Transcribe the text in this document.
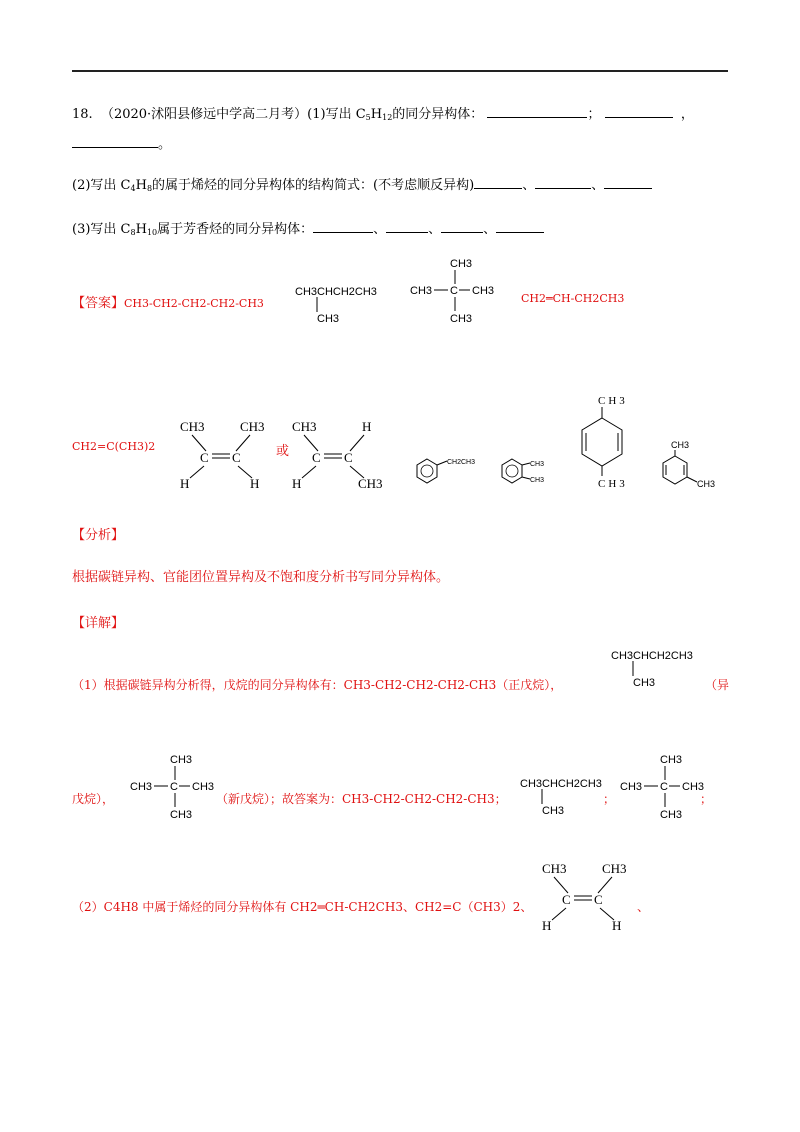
18. （2020·沭阳县修远中学高二月考）(1)写出 $C_5H_{12}$的同分异构体：	；	，
。
(2)写出 $C_4H_8$的属于烯烃的同分异构体的结构简式：(不考虑顺反异构)	、	、
(3)写出 $C_8H_{10}$属于芳香烃的同分异构体：	、	、	、
【答案】CH3-CH2-CH2-CH2-CH3
CH3CHCH2CH3
CH3
CH3
CH3 C CH3
CH3
CH2═CH-CH2CH3
CH2=C(CH3)2
CH3	CH3
C C
H	H
或
CH3	H
C C
H	CH3
CH2CH3	CH3
CH3
CH3
CH3
CH3
CH3
【分析】
根据碳链异构、官能团位置异构及不饱和度分析书写同分异构体。
【详解】
（1）根据碳链异构分析得，戊烷的同分异构体有：CH3-CH2-CH2-CH2-CH3（正戊烷），
CH3CHCH2CH3
CH3	（异
戊烷），
CH3
CH3 C CH3
CH3
（新戊烷）；故答案为：CH3-CH2-CH2-CH2-CH3；
CH3CHCH2CH3
CH3
；
CH3
CH3 C CH3
CH3
；
（2）C4H8 中属于烯烃的同分异构体有 CH2═CH-CH2CH3、CH2=C（CH3）2、
CH3	CH3
C C
H	H
、
